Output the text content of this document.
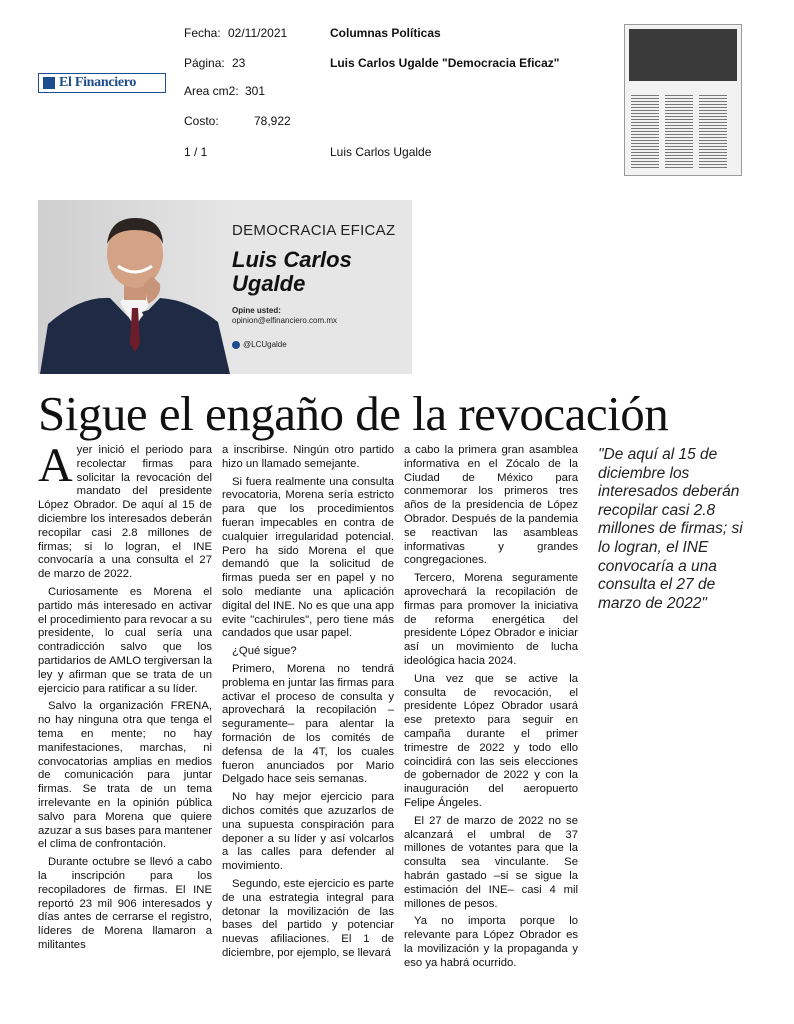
Fecha: 02/11/2021
Página: 23
Area cm2: 301
Costo:	78,922
1 / 1
Columnas Políticas
Luis Carlos Ugalde "Democracia Eficaz"
Luis Carlos Ugalde
El Financiero
DEMOCRACIA EFICAZ
Luis Carlos
Ugalde
Opine usted:
opinion@elfinanciero.com.mx
@LCUgalde
Sigue el engaño de la revocación

Ayer inició el periodo para recolectar firmas para solicitar la revocación del mandato del presidente López Obrador. De aquí al 15 de diciembre los interesados deberán recopilar casi 2.8 millones de firmas; si lo logran, el INE convocaría a una consulta el 27 de marzo de 2022.

Curiosamente es Morena el partido más interesado en activar el procedimiento para revocar a su presidente, lo cual sería una contradicción salvo que los partidarios de AMLO tergiversan la ley y afirman que se trata de un ejercicio para ratificar a su líder.

Salvo la organización FRENA, no hay ninguna otra que tenga el tema en mente; no hay manifestaciones, marchas, ni convocatorias amplias en medios de comunicación para juntar firmas. Se trata de un tema irrelevante en la opinión pública salvo para Morena que quiere azuzar a sus bases para mantener el clima de confrontación.

Durante octubre se llevó a cabo la inscripción para los recopiladores de firmas. El INE reportó 23 mil 906 interesados y días antes de cerrarse el registro, líderes de Morena llamaron a militantes

a inscribirse. Ningún otro partido hizo un llamado semejante.

Si fuera realmente una consulta revocatoria, Morena sería estricto para que los procedimientos fueran impecables en contra de cualquier irregularidad potencial. Pero ha sido Morena el que demandó que la solicitud de firmas pueda ser en papel y no solo mediante una aplicación digital del INE. No es que una app evite "cachirules", pero tiene más candados que usar papel.

¿Qué sigue?

Primero, Morena no tendrá problema en juntar las firmas para activar el proceso de consulta y aprovechará la recopilación –seguramente– para alentar la formación de los comités de defensa de la 4T, los cuales fueron anunciados por Mario Delgado hace seis semanas.

No hay mejor ejercicio para dichos comités que azuzarlos de una supuesta conspiración para deponer a su líder y así volcarlos a las calles para defender al movimiento.

Segundo, este ejercicio es parte de una estrategia integral para detonar la movilización de las bases del partido y potenciar nuevas afiliaciones. El 1 de diciembre, por ejemplo, se llevará

a cabo la primera gran asamblea informativa en el Zócalo de la Ciudad de México para conmemorar los primeros tres años de la presidencia de López Obrador. Después de la pandemia se reactivan las asambleas informativas y grandes congregaciones.

Tercero, Morena seguramente aprovechará la recopilación de firmas para promover la iniciativa de reforma energética del presidente López Obrador e iniciar así un movimiento de lucha ideológica hacia 2024.

Una vez que se active la consulta de revocación, el presidente López Obrador usará ese pretexto para seguir en campaña durante el primer trimestre de 2022 y todo ello coincidirá con las seis elecciones de gobernador de 2022 y con la inauguración del aeropuerto Felipe Ángeles.

El 27 de marzo de 2022 no se alcanzará el umbral de 37 millones de votantes para que la consulta sea vinculante. Se habrán gastado –si se sigue la estimación del INE– casi 4 mil millones de pesos.

Ya no importa porque lo relevante para López Obrador es la movilización y la propaganda y eso ya habrá ocurrido.

"De aquí al 15 de diciembre los interesados deberán recopilar casi 2.8 millones de firmas; si lo logran, el INE convocaría a una consulta el 27 de marzo de 2022"
